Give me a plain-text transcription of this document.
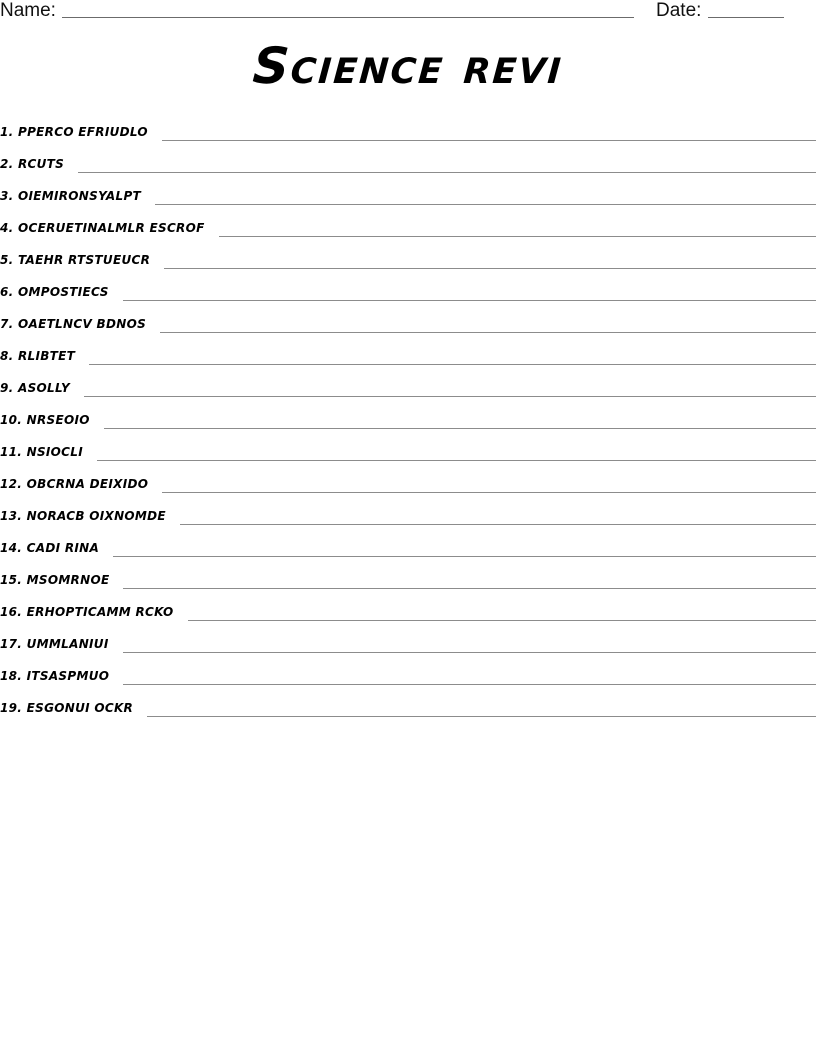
Name:	Date:
Science revi
1. PPERCO EFRIUDLO
2. RCUTS
3. OIEMIRONSYALPT
4. OCERUETINALMLR ESCROF
5. TAEHR RTSTUEUCR
6. OMPOSTIECS
7. OAETLNCV BDNOS
8. RLIBTET
9. ASOLLY
10. NRSEOIO
11. NSIOCLI
12. OBCRNA DEIXIDO
13. NORACB OIXNOMDE
14. CADI RINA
15. MSOMRNOE
16. ERHOPTICAMM RCKO
17. UMMLANIUI
18. ITSASPMUO
19. ESGONUI OCKR
